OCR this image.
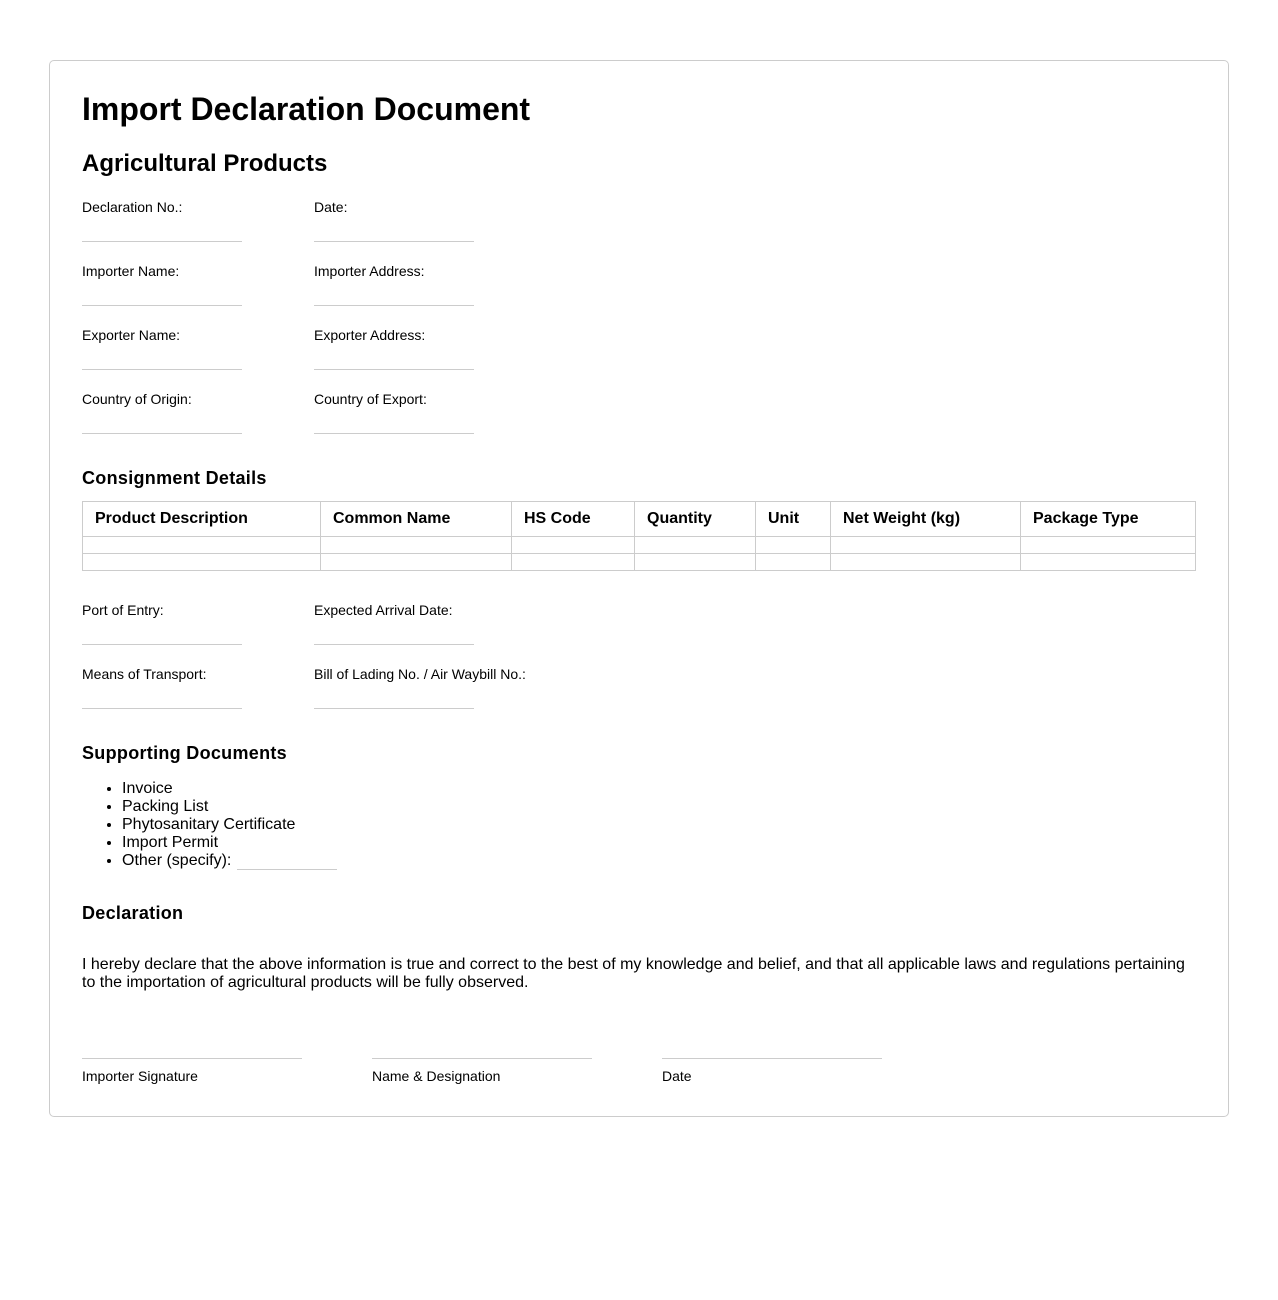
Import Declaration Document
Agricultural Products
Declaration No.:	Date:
Importer Name:	Importer Address:
Exporter Name:	Exporter Address:
Country of Origin:	Country of Export:
Consignment Details
Product Description	Common Name	HS Code	Quantity	Unit	Net Weight (kg)	Package Type

Port of Entry:	Expected Arrival Date:
Means of Transport:	Bill of Lading No. / Air Waybill No.:
Supporting Documents
• Invoice
• Packing List
• Phytosanitary Certificate
• Import Permit
• Other (specify):
Declaration

I hereby declare that the above information is true and correct to the best of my knowledge and belief, and that all applicable laws and regulations pertaining to the importation of agricultural products will be fully observed.

Importer Signature	Name & Designation	Date
